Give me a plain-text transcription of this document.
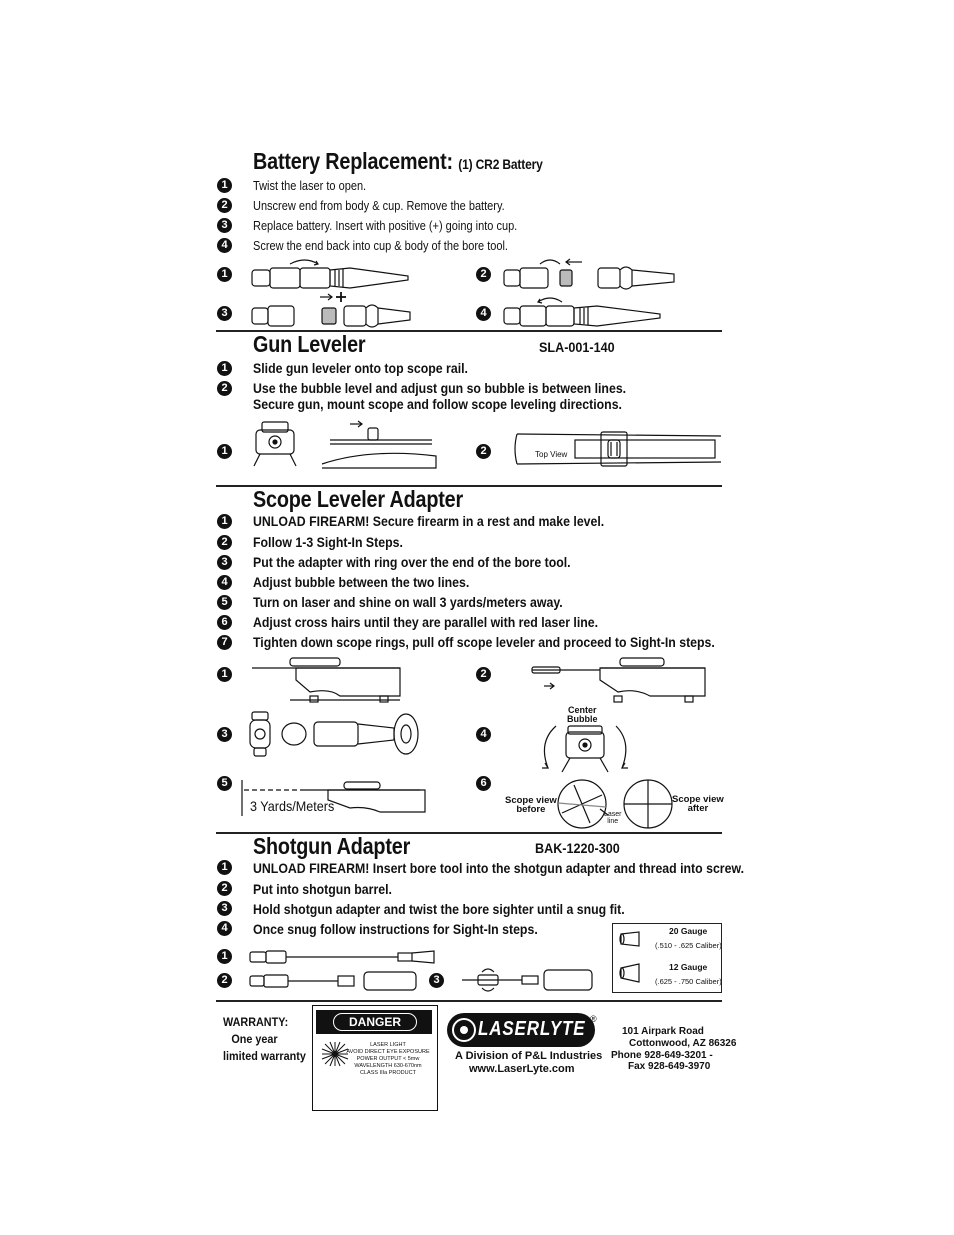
Battery Replacement: (1) CR2 Battery
1	Twist the laser to open.
2	Unscrew end from body & cup. Remove the battery.
3	Replace battery. Insert with positive (+) going into cup.
4	Screw the end back into cup & body of the bore tool.
1	2
3	4
Gun Leveler	SLA-001-140
1	Slide gun leveler onto top scope rail.
2	Use the bubble level and adjust gun so bubble is between lines.
Secure gun, mount scope and follow scope leveling directions.
1	2	Top View
Scope Leveler Adapter
1	UNLOAD FIREARM! Secure firearm in a rest and make level.
2	Follow 1-3 Sight-In Steps.
3	Put the adapter with ring over the end of the bore tool.
4	Adjust bubble between the two lines.
5	Turn on laser and shine on wall 3 yards/meters away.
6	Adjust cross hairs until they are parallel with red laser line.
7	Tighten down scope rings, pull off scope leveler and proceed to Sight-In steps.
1	2
3	4
Center
Bubble
5
3 Yards/Meters
6
Scope view
before
Scope view
after
Laser
line
Shotgun Adapter	BAK-1220-300
1	UNLOAD FIREARM! Insert bore tool into the shotgun adapter and thread into screw.
2	Put into shotgun barrel.
3	Hold shotgun adapter and twist the bore sighter until a snug fit.
4	Once snug follow instructions for Sight-In steps.	20 Gauge
(.510 - .625 Caliber)
12 Gauge
(.625 - .750 Caliber)
1
2	3
WARRANTY:
One year
limited warranty
DANGER
LASER LIGHT
AVOID DIRECT EYE EXPOSURE
POWER OUTPUT < 5mw
WAVELENGTH 630-670nm
CLASS IIIa PRODUCT
LASERLYTE ®
A Division of P&L Industries
www.LaserLyte.com
101 Airpark Road
Cottonwood, AZ 86326
Phone 928-649-3201 -
Fax 928-649-3970
